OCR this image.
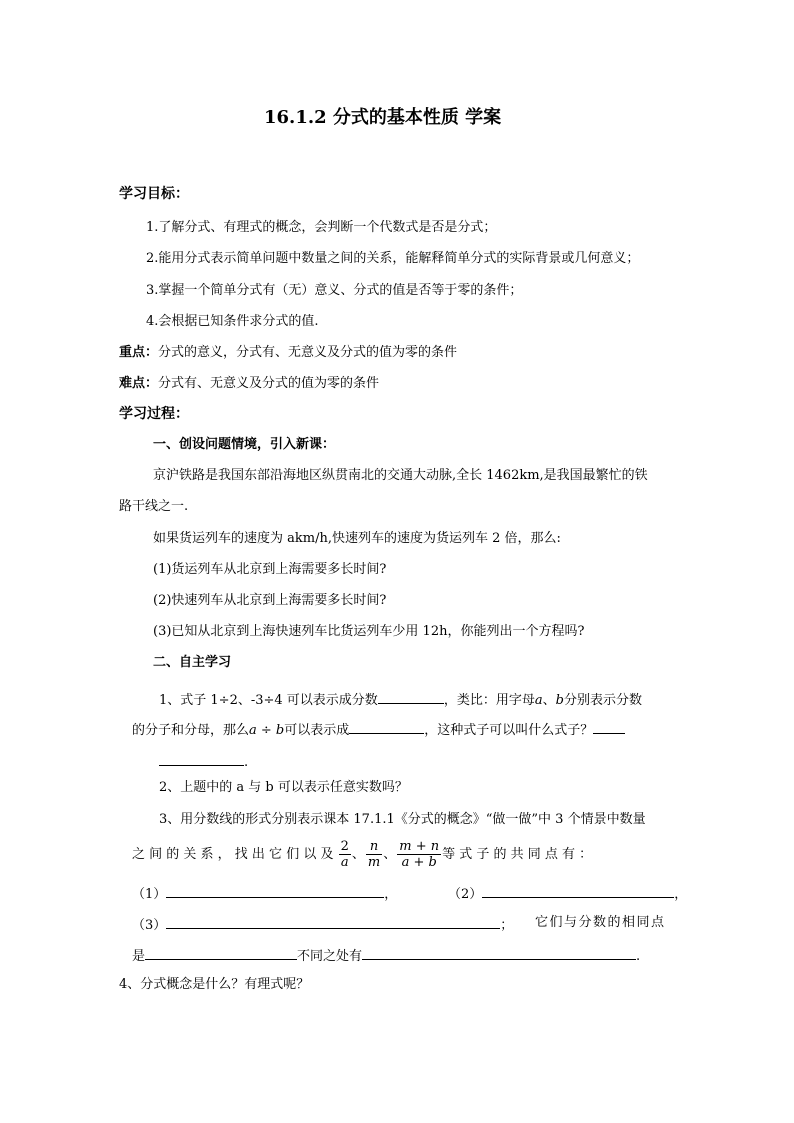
16.1.2 分式的基本性质 学案
学习目标：
1.了解分式、有理式的概念，会判断一个代数式是否是分式；
2.能用分式表示简单问题中数量之间的关系，能解释简单分式的实际背景或几何意义；
3.掌握一个简单分式有（无）意义、分式的值是否等于零的条件；
4.会根据已知条件求分式的值.
重点：分式的意义，分式有、无意义及分式的值为零的条件
难点：分式有、无意义及分式的值为零的条件
学习过程：
一、创设问题情境，引入新课：
京沪铁路是我国东部沿海地区纵贯南北的交通大动脉,全长 1462km,是我国最繁忙的铁
路干线之一.
如果货运列车的速度为 akm/h,快速列车的速度为货运列车 2 倍，那么:
(1)货运列车从北京到上海需要多长时间?
(2)快速列车从北京到上海需要多长时间?
(3)已知从北京到上海快速列车比货运列车少用 12h，你能列出一个方程吗?
二、自主学习
1、式子 1÷2、-3÷4 可以表示成分数	，类比：用字母a、b分别表示分数
的分子和分母，那么a ÷ b可以表示成	，这种式子可以叫什么式子？
.
2、上题中的 a 与 b 可以表示任意实数吗？
3、用分数线的形式分别表示课本 17.1.1《分式的概念》“做一做”中 3 个情景中数量
之 间 的 关 系 ， 找 出 它 们 以 及 $\frac{2}{a}$ 、 $\frac{n}{m}$ 、 $\frac{m + n}{a + b}$ 等 式 子 的 共 同 点 有 ：
（1）	，	（2）	，
（3）	； 它们与分数的相同点
是	不同之处有	.
4、分式概念是什么？有理式呢？
